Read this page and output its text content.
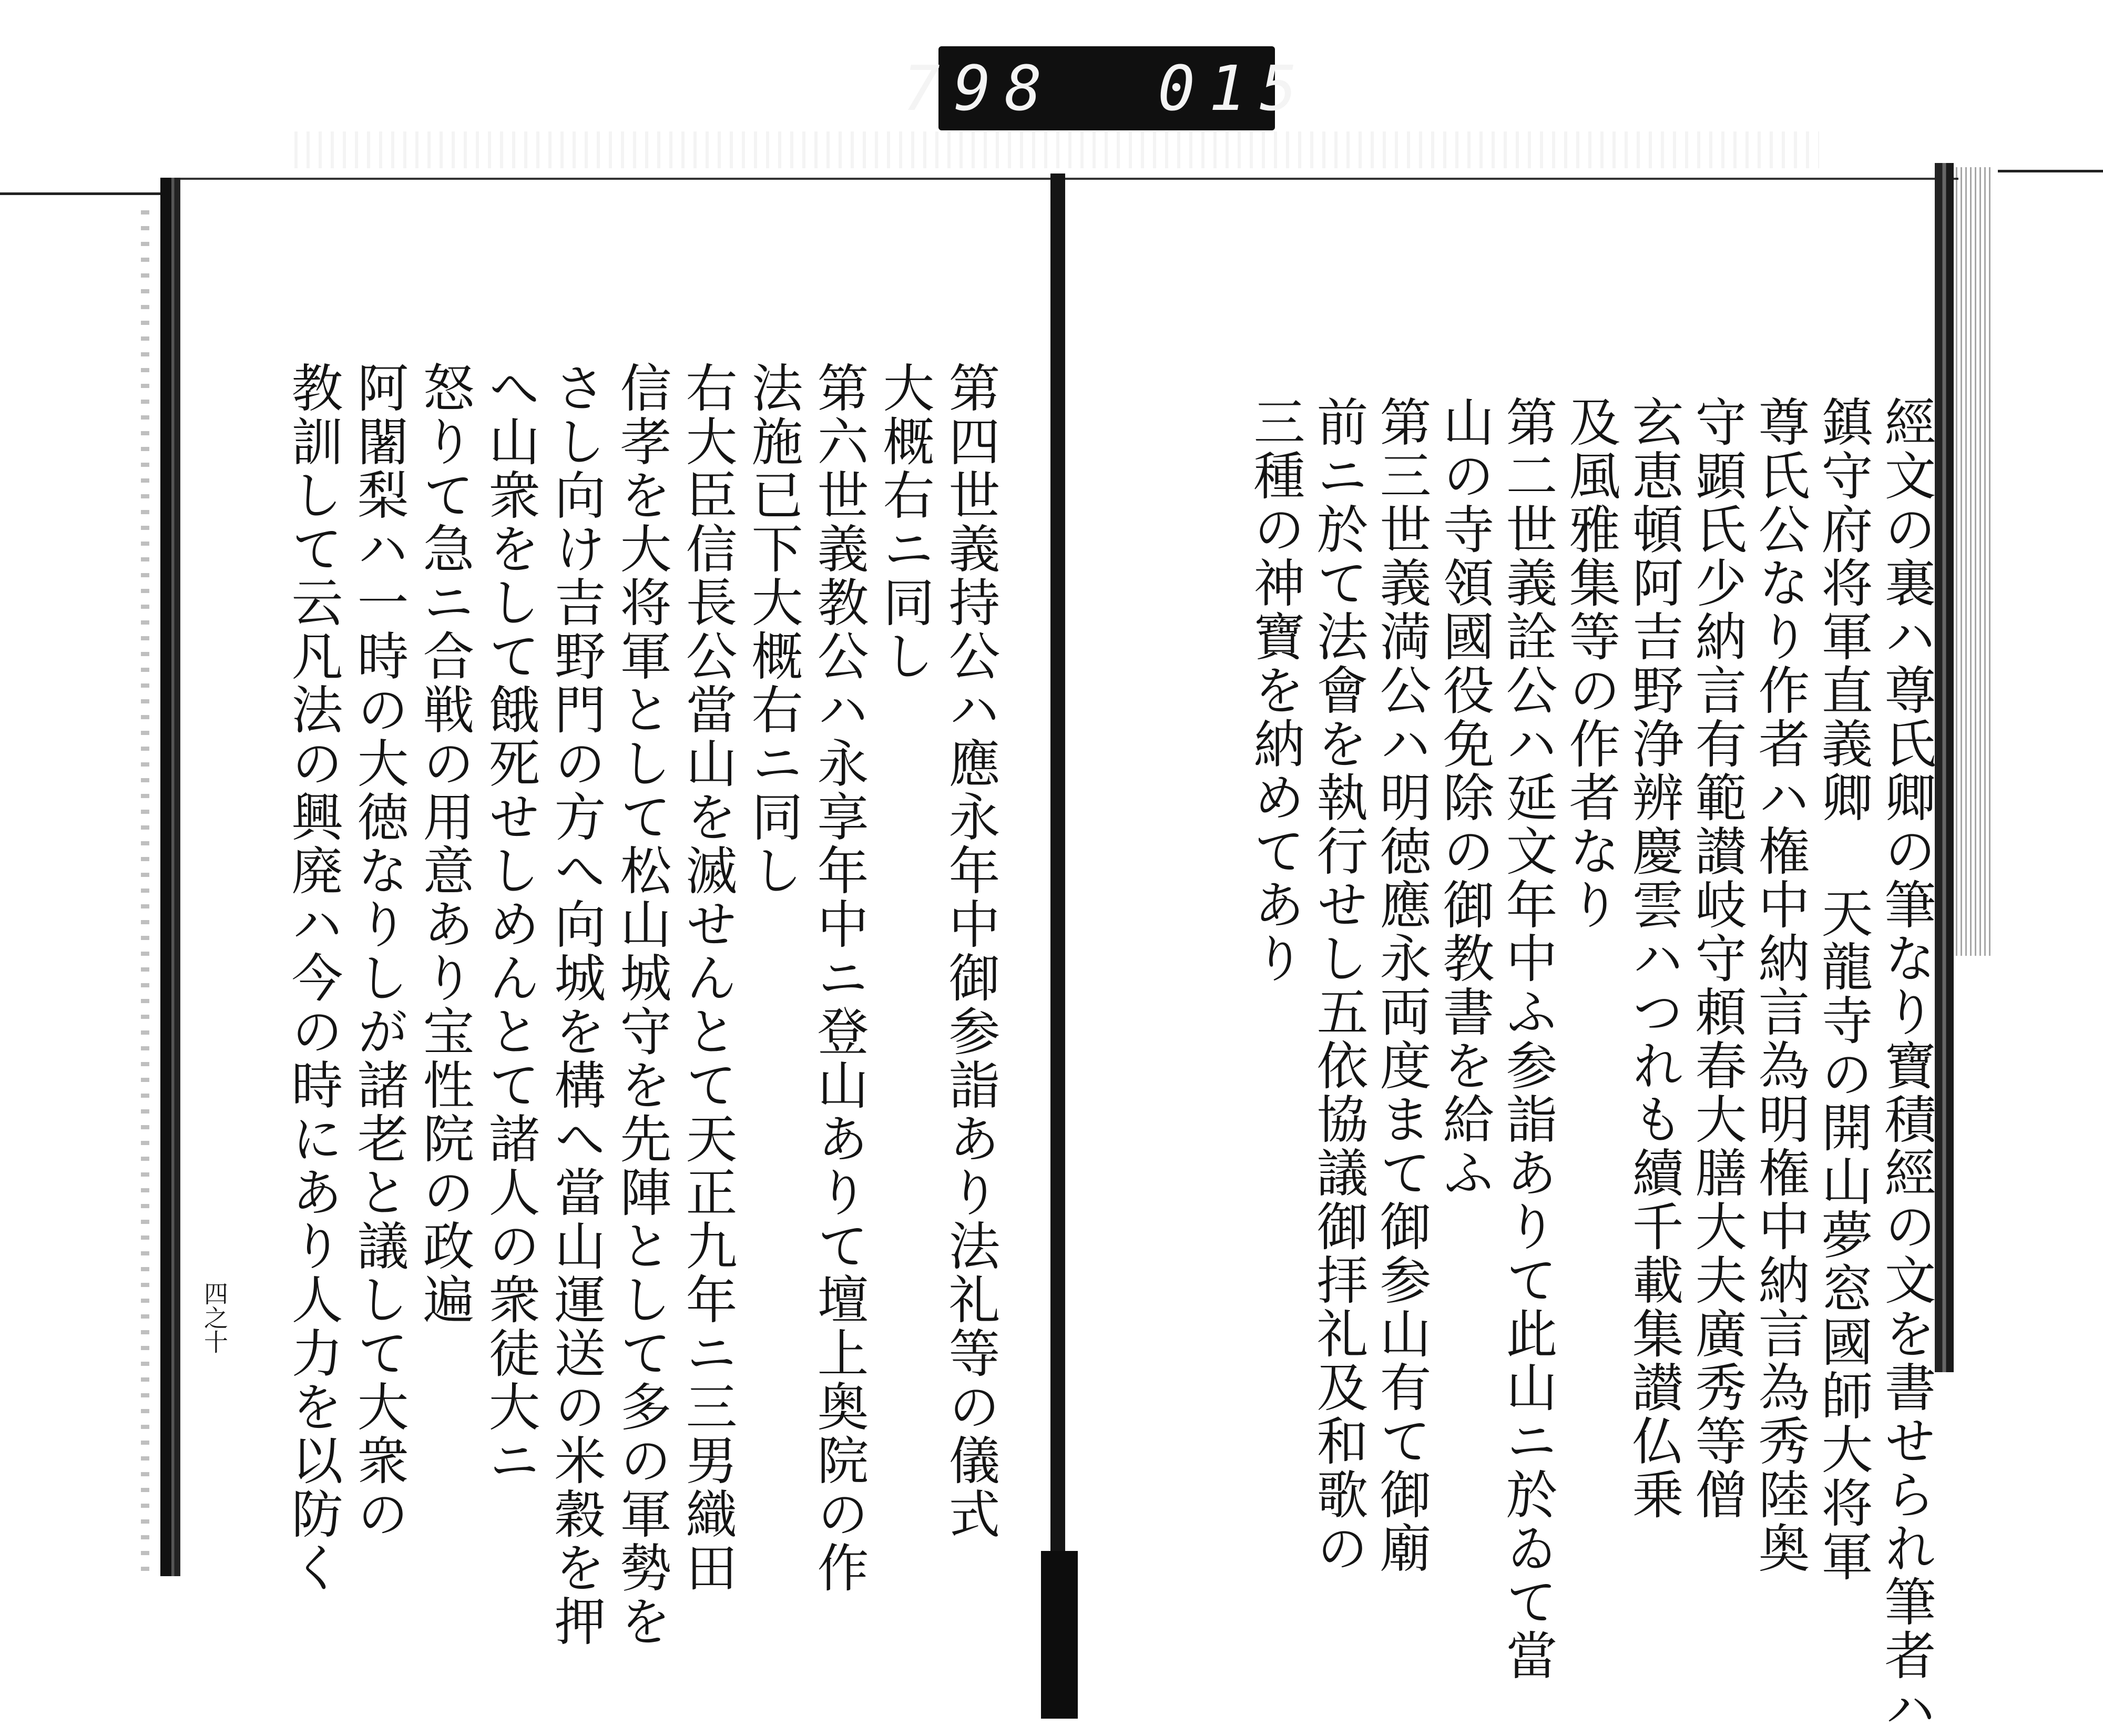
798  015
經文の裏ハ尊氏卿の筆なり寶積經の文を書せられ筆者ハ
鎮守府将軍直義卿 天龍寺の開山夢窓國師大将軍
尊氏公なり作者ハ権中納言為明権中納言為秀陸奥
守顕氏少納言有範讃岐守頼春大膳大夫廣秀等僧
玄恵頓阿吉野浄辨慶雲ハつれも續千載集讃仏乗
及風雅集等の作者なり
第二世義詮公ハ延文年中ふ参詣ありて此山ニ於ゐて當
山の寺領國役免除の御教書を給ふ
第三世義満公ハ明徳應永両度まて御参山有て御廟
前ニ於て法會を執行せし五依協議御拝礼及和歌の
三種の神寶を納めてあり
第四世義持公ハ應永年中御参詣あり法礼等の儀式
大概右ニ同し
第六世義教公ハ永享年中ニ登山ありて壇上奥院の作
法施已下大概右ニ同し
右大臣信長公當山を滅せんとて天正九年ニ三男織田
信孝を大将軍として松山城守を先陣として多の軍勢を
さし向け吉野門の方へ向城を構へ當山運送の米穀を押
へ山衆をして餓死せしめんとて諸人の衆徒大ニ
怒りて急ニ合戦の用意あり宝性院の政遍
阿闍梨ハ一時の大徳なりしが諸老と議して大衆の
教訓して云凡法の興廃ハ今の時にあり人力を以防く
四之十
